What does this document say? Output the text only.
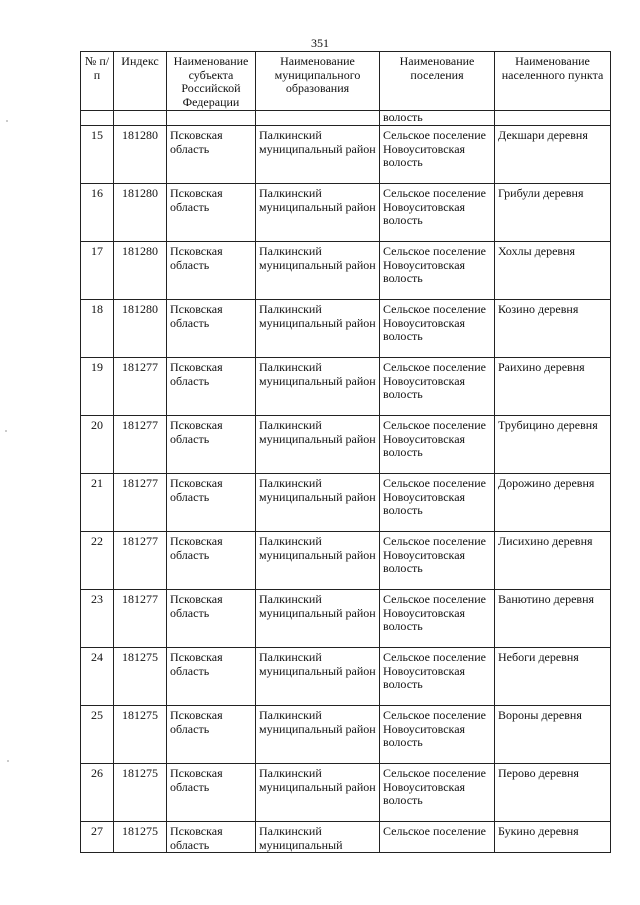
351
№ п/п	Индекс	Наименование субъекта Российской Федерации	Наименование муниципального образования	Наименование поселения	Наименование населенного пункта
				волость	
15	181280	Псковская область	Палкинский муниципальный район	Сельское поселение Новоуситовская волость	Декшари деревня
16	181280	Псковская область	Палкинский муниципальный район	Сельское поселение Новоуситовская волость	Грибули деревня
17	181280	Псковская область	Палкинский муниципальный район	Сельское поселение Новоуситовская волость	Хохлы деревня
18	181280	Псковская область	Палкинский муниципальный район	Сельское поселение Новоуситовская волость	Козино деревня
19	181277	Псковская область	Палкинский муниципальный район	Сельское поселение Новоуситовская волость	Раихино деревня
20	181277	Псковская область	Палкинский муниципальный район	Сельское поселение Новоуситовская волость	Трубицино деревня
21	181277	Псковская область	Палкинский муниципальный район	Сельское поселение Новоуситовская волость	Дорожино деревня
22	181277	Псковская область	Палкинский муниципальный район	Сельское поселение Новоуситовская волость	Лисихино деревня
23	181277	Псковская область	Палкинский муниципальный район	Сельское поселение Новоуситовская волость	Ванютино деревня
24	181275	Псковская область	Палкинский муниципальный район	Сельское поселение Новоуситовская волость	Небоги деревня
25	181275	Псковская область	Палкинский муниципальный район	Сельское поселение Новоуситовская волость	Вороны деревня
26	181275	Псковская область	Палкинский муниципальный район	Сельское поселение Новоуситовская волость	Перово деревня
27	181275	Псковская область	Палкинский муниципальный	Сельское поселение	Букино деревня
